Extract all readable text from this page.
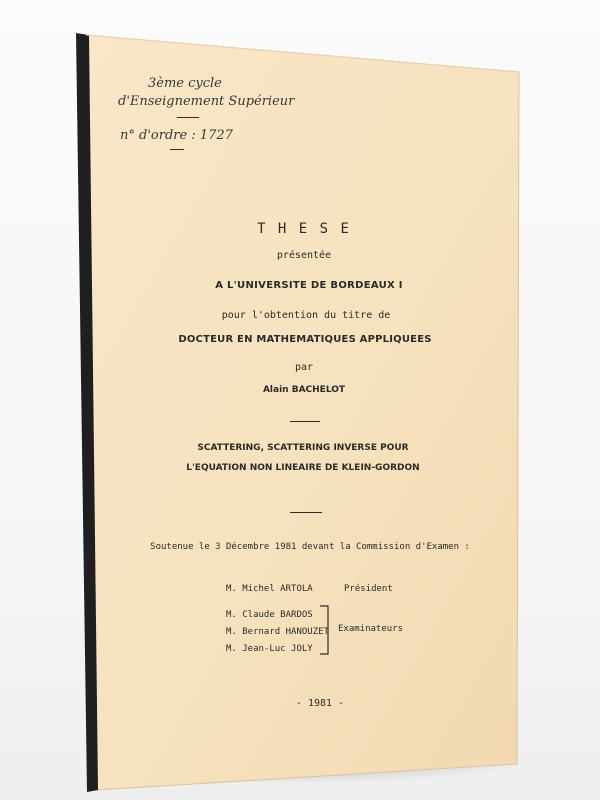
3ème cycle
d'Enseignement Supérieur
n° d'ordre : 1727
T H E S E
présentée
A L'UNIVERSITE DE BORDEAUX I
pour l'obtention du titre de
DOCTEUR EN MATHEMATIQUES APPLIQUEES
par
Alain BACHELOT
SCATTERING, SCATTERING INVERSE POUR
L'EQUATION NON LINEAIRE DE KLEIN-GORDON
Soutenue le 3 Décembre 1981 devant la Commission d'Examen :
M. Michel ARTOLA	Président
M. Claude BARDOS
M. Bernard HANOUZET
M. Jean-Luc JOLY
Examinateurs
- 1981 -
